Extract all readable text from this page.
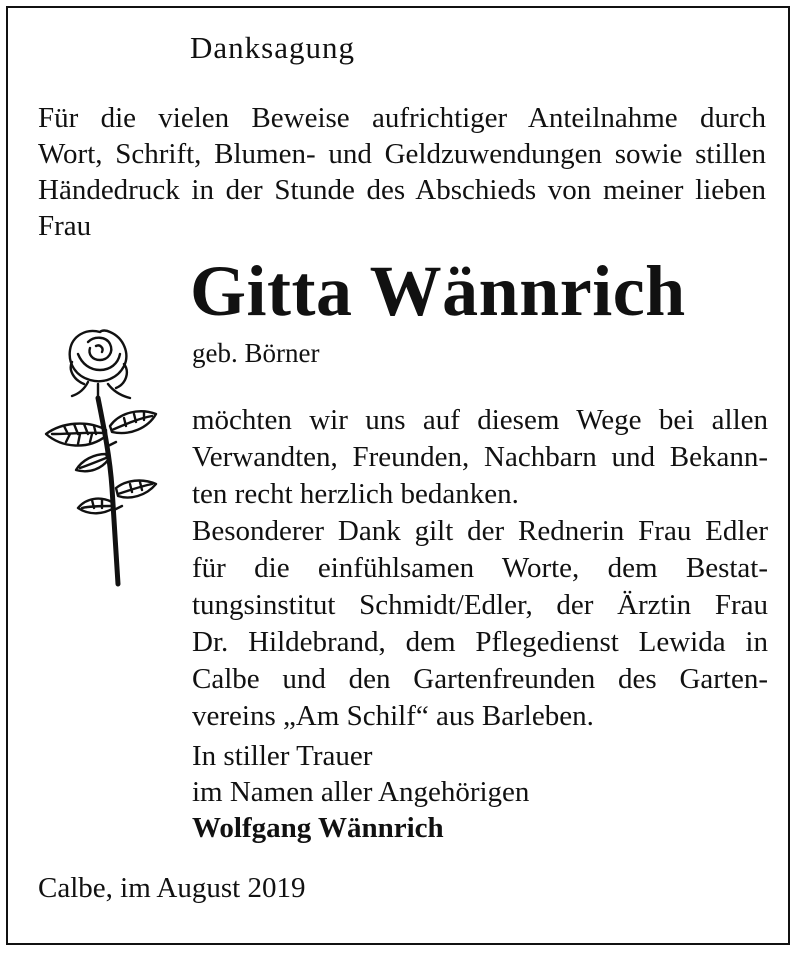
Danksagung
Für die vielen Beweise aufrichtiger Anteilnahme durch
Wort, Schrift, Blumen- und Geldzuwendungen sowie stillen
Händedruck in der Stunde des Abschieds von meiner lieben
Frau
Gitta Wännrich
geb. Börner
möchten wir uns auf diesem Wege bei allen
Verwandten, Freunden, Nachbarn und Bekann-
ten recht herzlich bedanken.
Besonderer Dank gilt der Rednerin Frau Edler
für die einfühlsamen Worte, dem Bestat-
tungsinstitut Schmidt/Edler, der Ärztin Frau
Dr. Hildebrand, dem Pflegedienst Lewida in
Calbe und den Gartenfreunden des Garten-
vereins „Am Schilf“ aus Barleben.
In stiller Trauer
im Namen aller Angehörigen
Wolfgang Wännrich
Calbe, im August 2019
